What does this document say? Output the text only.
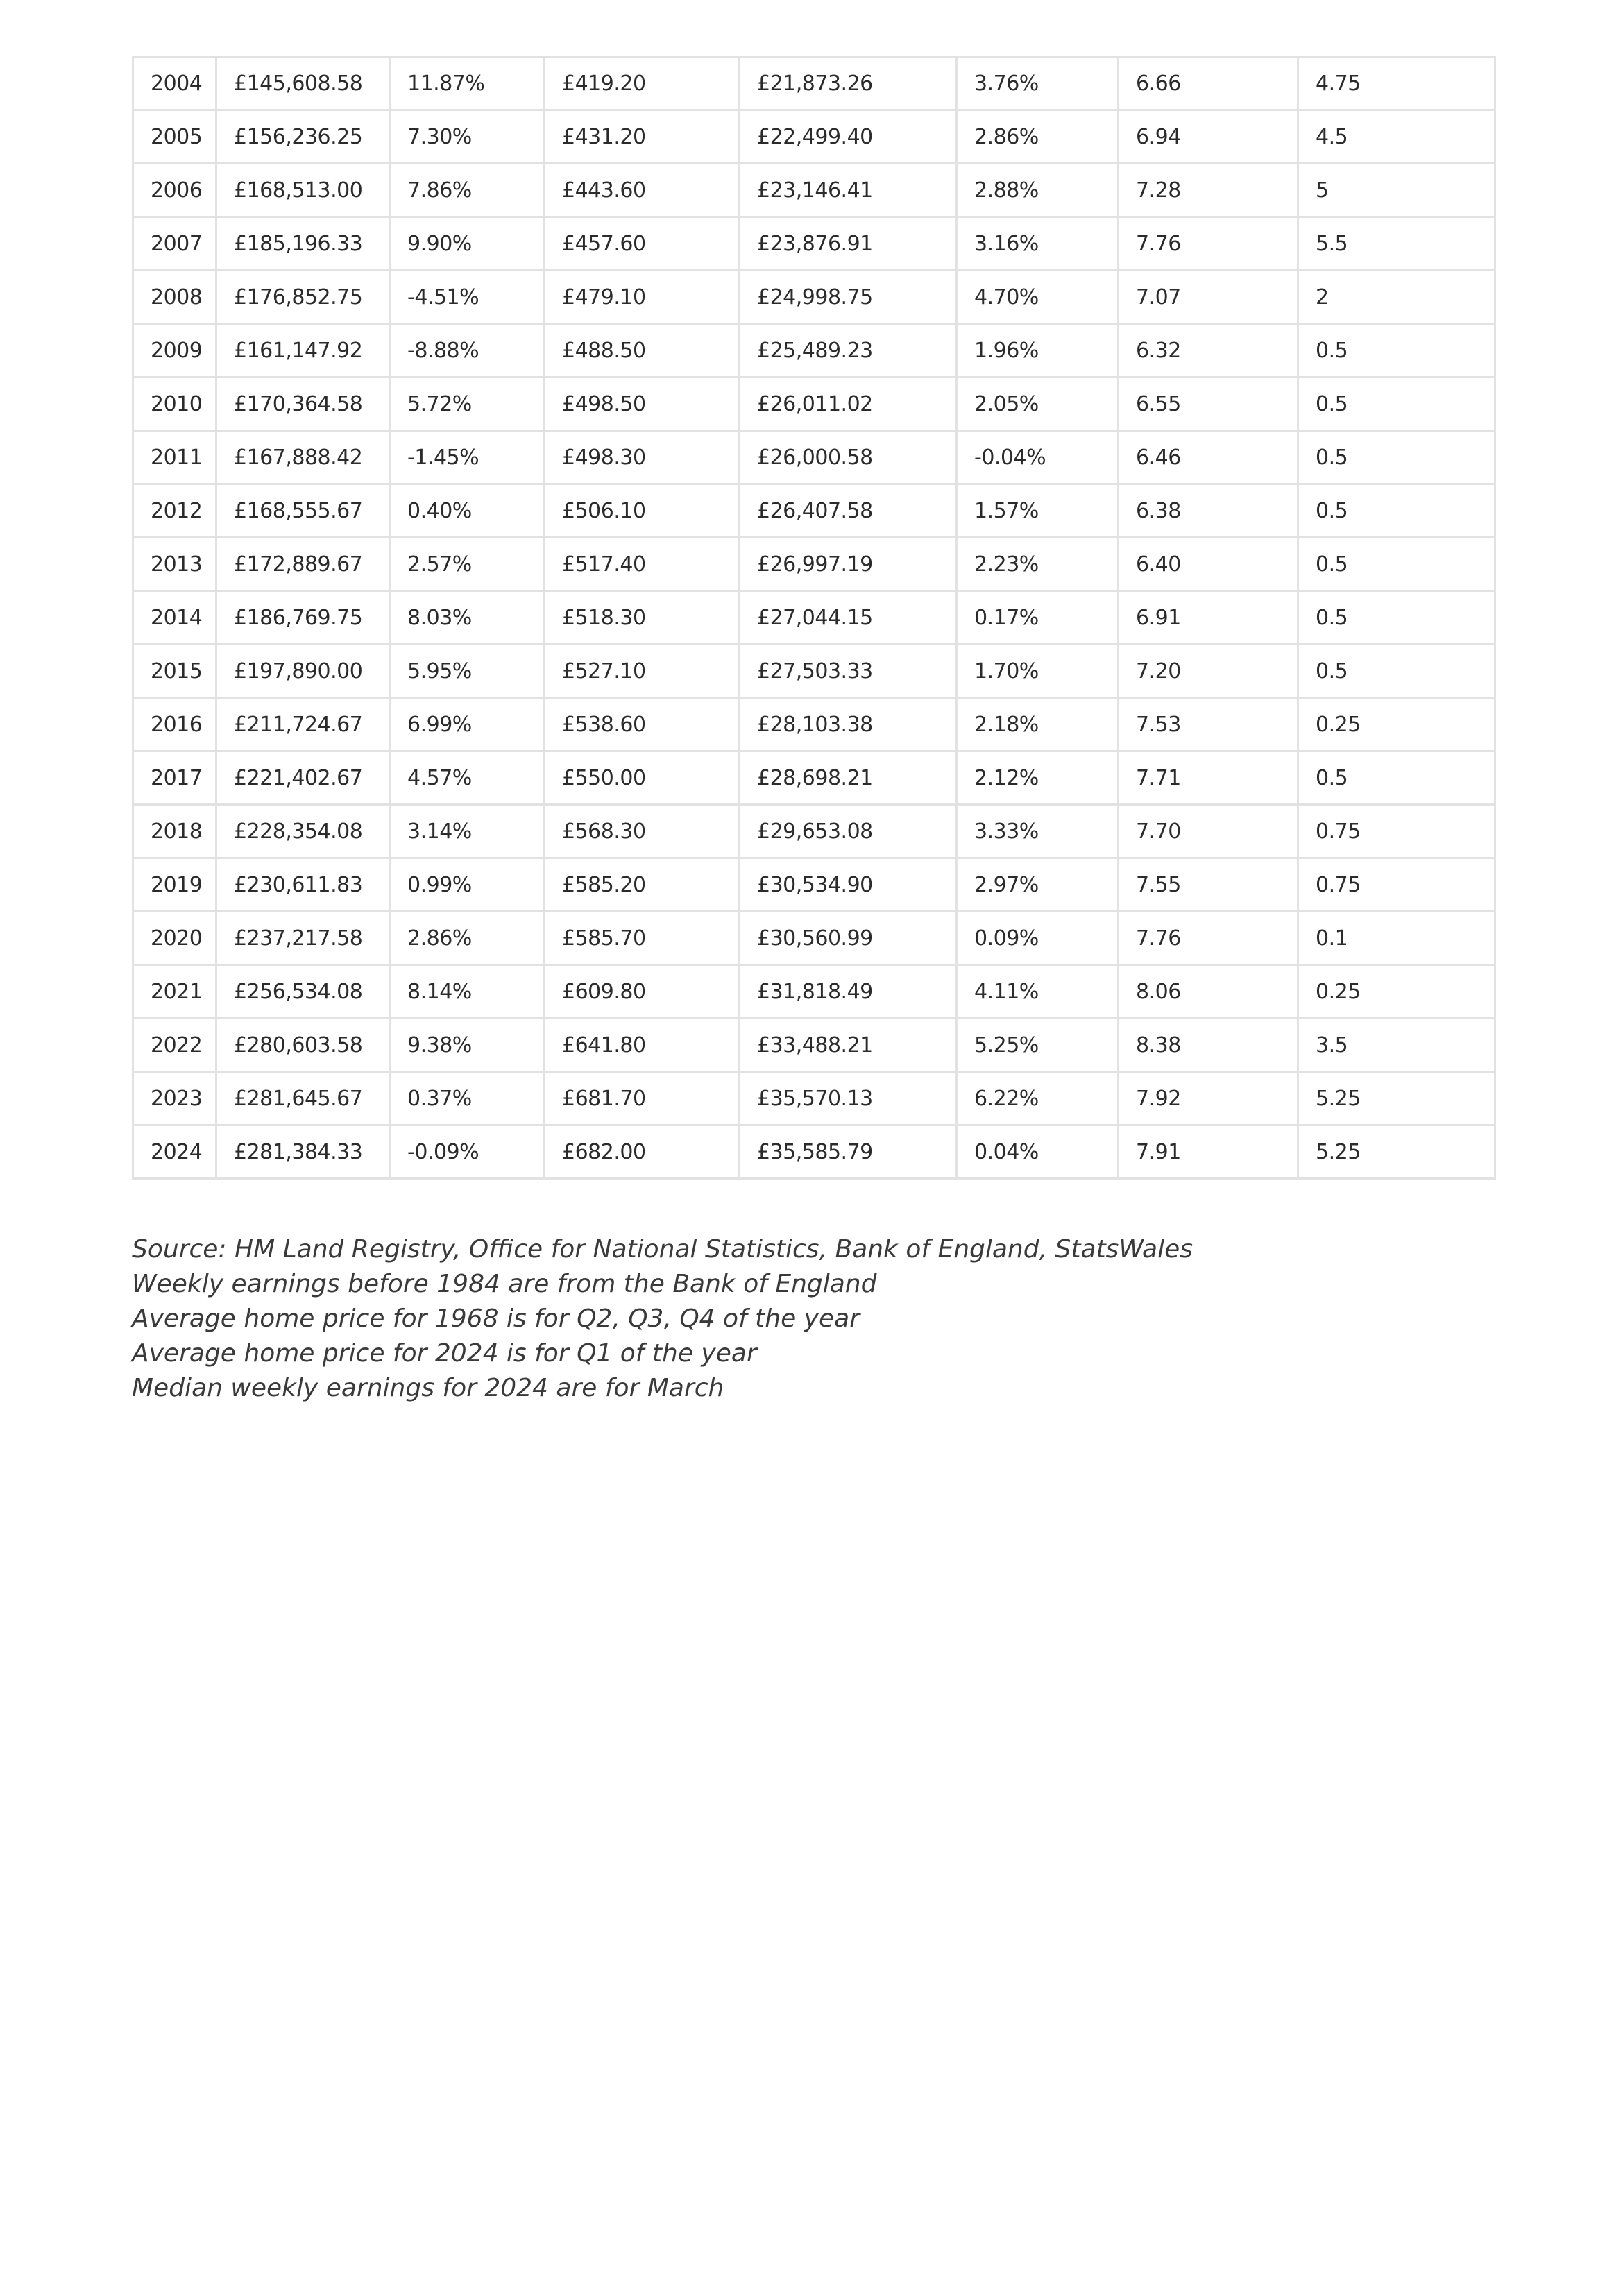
2004	£145,608.58	11.87%	£419.20	£21,873.26	3.76%	6.66	4.75
2005	£156,236.25	7.30%	£431.20	£22,499.40	2.86%	6.94	4.5
2006	£168,513.00	7.86%	£443.60	£23,146.41	2.88%	7.28	5
2007	£185,196.33	9.90%	£457.60	£23,876.91	3.16%	7.76	5.5
2008	£176,852.75	-4.51%	£479.10	£24,998.75	4.70%	7.07	2
2009	£161,147.92	-8.88%	£488.50	£25,489.23	1.96%	6.32	0.5
2010	£170,364.58	5.72%	£498.50	£26,011.02	2.05%	6.55	0.5
2011	£167,888.42	-1.45%	£498.30	£26,000.58	-0.04%	6.46	0.5
2012	£168,555.67	0.40%	£506.10	£26,407.58	1.57%	6.38	0.5
2013	£172,889.67	2.57%	£517.40	£26,997.19	2.23%	6.40	0.5
2014	£186,769.75	8.03%	£518.30	£27,044.15	0.17%	6.91	0.5
2015	£197,890.00	5.95%	£527.10	£27,503.33	1.70%	7.20	0.5
2016	£211,724.67	6.99%	£538.60	£28,103.38	2.18%	7.53	0.25
2017	£221,402.67	4.57%	£550.00	£28,698.21	2.12%	7.71	0.5
2018	£228,354.08	3.14%	£568.30	£29,653.08	3.33%	7.70	0.75
2019	£230,611.83	0.99%	£585.20	£30,534.90	2.97%	7.55	0.75
2020	£237,217.58	2.86%	£585.70	£30,560.99	0.09%	7.76	0.1
2021	£256,534.08	8.14%	£609.80	£31,818.49	4.11%	8.06	0.25
2022	£280,603.58	9.38%	£641.80	£33,488.21	5.25%	8.38	3.5
2023	£281,645.67	0.37%	£681.70	£35,570.13	6.22%	7.92	5.25
2024	£281,384.33	-0.09%	£682.00	£35,585.79	0.04%	7.91	5.25
Source: HM Land Registry, Office for National Statistics, Bank of England, StatsWales
Weekly earnings before 1984 are from the Bank of England
Average home price for 1968 is for Q2, Q3, Q4 of the year
Average home price for 2024 is for Q1 of the year
Median weekly earnings for 2024 are for March
